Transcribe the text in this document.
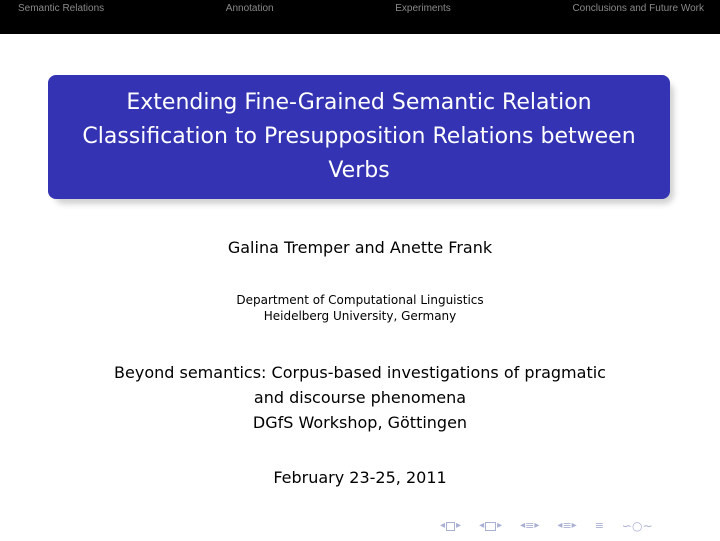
Semantic Relations	Annotation	Experiments	Conclusions and Future Work
Extending Fine-Grained Semantic Relation Classification to Presupposition Relations between Verbs
Galina Tremper and Anette Frank
Department of Computational Linguistics
Heidelberg University, Germany
Beyond semantics: Corpus-based investigations of pragmatic
and discourse phenomena
DGfS Workshop, Göttingen
February 23-25, 2011
◂ ▸ ◂ ▸ ◂ ≡ ▸ ◂ ≡ ▸ ≡ ∽ ○ ∼
